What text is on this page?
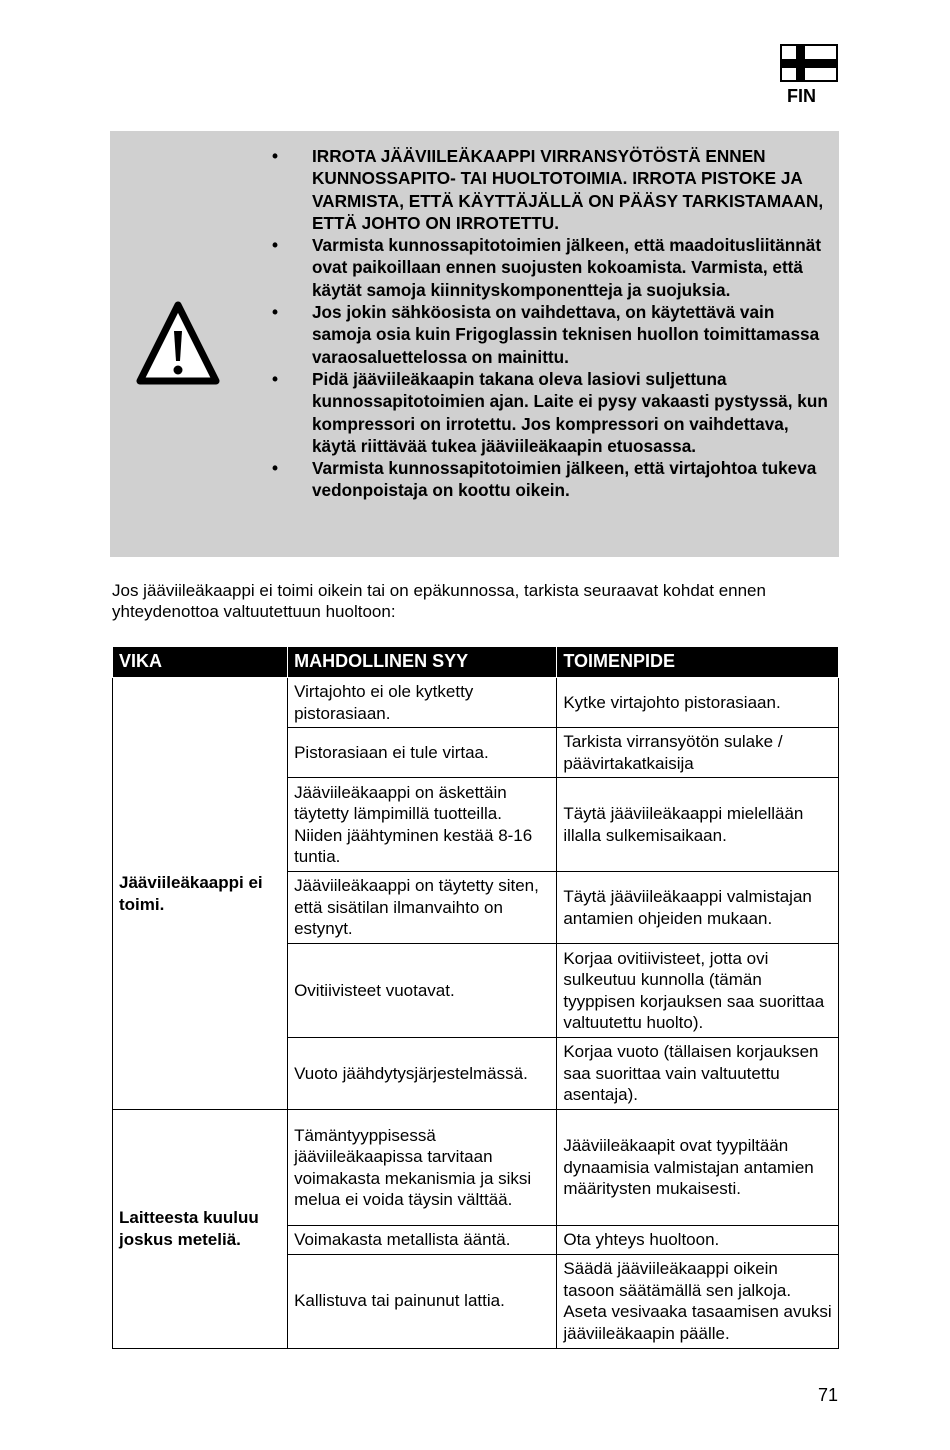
FIN
• IRROTA JÄÄVIILEÄKAAPPI VIRRANSYÖTÖSTÄ ENNEN KUNNOSSAPITO- TAI HUOLTOTOIMIA. IRROTA PISTOKE JA VARMISTA, ETTÄ KÄYTTÄJÄLLÄ ON PÄÄSY TARKISTAMAAN, ETTÄ JOHTO ON IRROTETTU.
• Varmista kunnossapitotoimien jälkeen, että maadoitusliitännät ovat paikoillaan ennen suojusten kokoamista. Varmista, että käytät samoja kiinnityskomponentteja ja suojuksia.
• Jos jokin sähköosista on vaihdettava, on käytettävä vain samoja osia kuin Frigoglassin teknisen huollon toimittamassa varaosaluettelossa on mainittu.
• Pidä jääviileäkaapin takana oleva lasiovi suljettuna kunnossapitotoimien ajan. Laite ei pysy vakaasti pystyssä, kun kompressori on irrotettu. Jos kompressori on vaihdettava, käytä riittävää tukea jääviileäkaapin etuosassa.
• Varmista kunnossapitotoimien jälkeen, että virtajohtoa tukeva vedonpoistaja on koottu oikein.
Jos jääviileäkaappi ei toimi oikein tai on epäkunnossa, tarkista seuraavat kohdat ennen yhteydenottoa valtuutettuun huoltoon:
VIKA	MAHDOLLINEN SYY	TOIMENPIDE
Jääviileäkaappi ei toimi.	Virtajohto ei ole kytketty pistorasiaan.	Kytke virtajohto pistorasiaan.
	Pistorasiaan ei tule virtaa.	Tarkista virransyötön sulake / päävirtakatkaisija
	Jääviileäkaappi on äskettäin täytetty lämpimillä tuotteilla. Niiden jäähtyminen kestää 8-16 tuntia.	Täytä jääviileäkaappi mielellään illalla sulkemisaikaan.
	Jääviileäkaappi on täytetty siten, että sisätilan ilmanvaihto on estynyt.	Täytä jääviileäkaappi valmistajan antamien ohjeiden mukaan.
	Ovitiivisteet vuotavat.	Korjaa ovitiivisteet, jotta ovi sulkeutuu kunnolla (tämän tyyppisen korjauksen saa suorittaa valtuutettu huolto).
	Vuoto jäähdytysjärjestelmässä.	Korjaa vuoto (tällaisen korjauksen saa suorittaa vain valtuutettu asentaja).
Laitteesta kuuluu joskus meteliä.	Tämäntyyppisessä jääviileäkaapissa tarvitaan voimakasta mekanismia ja siksi melua ei voida täysin välttää.	Jääviileäkaapit ovat tyypiltään dynaamisia valmistajan antamien määritysten mukaisesti.
	Voimakasta metallista ääntä.	Ota yhteys huoltoon.
	Kallistuva tai painunut lattia.	Säädä jääviileäkaappi oikein tasoon säätämällä sen jalkoja. Aseta vesivaaka tasaamisen avuksi jääviileäkaapin päälle.
71
